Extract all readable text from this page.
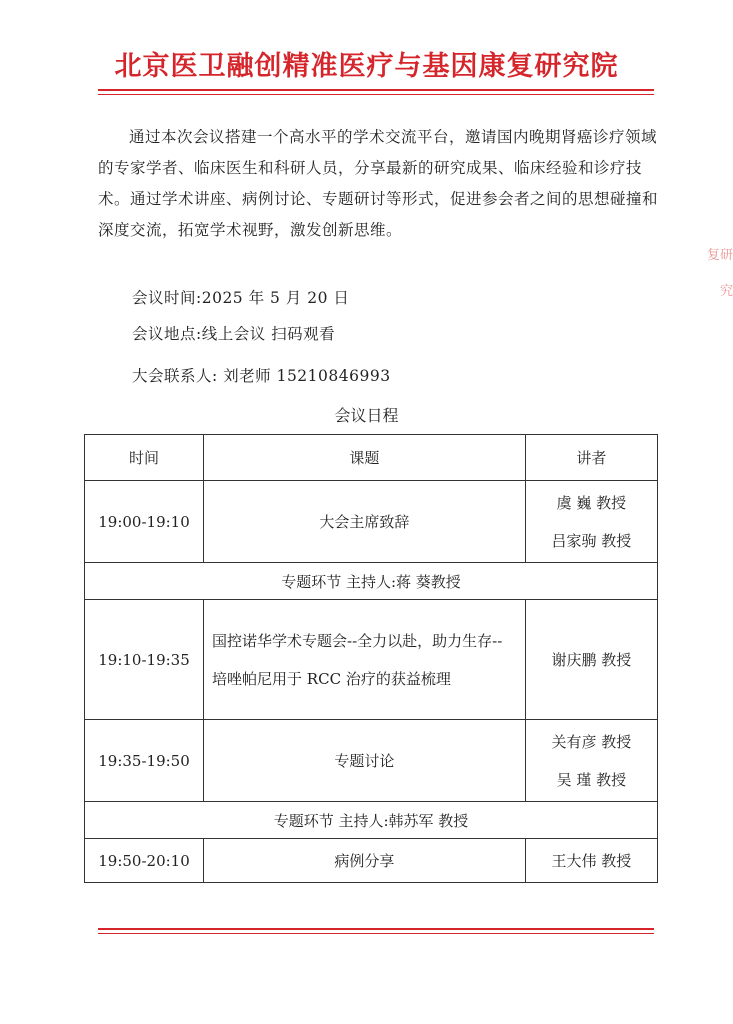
北京医卫融创精准医疗与基因康复研究院
通过本次会议搭建一个高水平的学术交流平台，邀请国内晚期肾癌诊疗领域的专家学者、临床医生和科研人员，分享最新的研究成果、临床经验和诊疗技术。通过学术讲座、病例讨论、专题研讨等形式，促进参会者之间的思想碰撞和深度交流，拓宽学术视野，激发创新思维。
会议时间:2025 年 5 月 20 日
会议地点:线上会议 扫码观看
大会联系人: 刘老师 15210846993
会议日程
时间	课题	讲者
19:00-19:10	大会主席致辞	虞 巍 教授
吕家驹 教授

专题环节 主持人:蒋 葵教授		
19:10-19:35	国控诺华学术专题会--全力以赴，助力生存--培唑帕尼用于 RCC 治疗的获益梳理	谢庆鹏 教授
19:35-19:50	专题讨论	关有彦 教授
吴 瑾 教授

专题环节 主持人:韩苏军 教授		
19:50-20:10	病例分享	王大伟 教授
复研究
